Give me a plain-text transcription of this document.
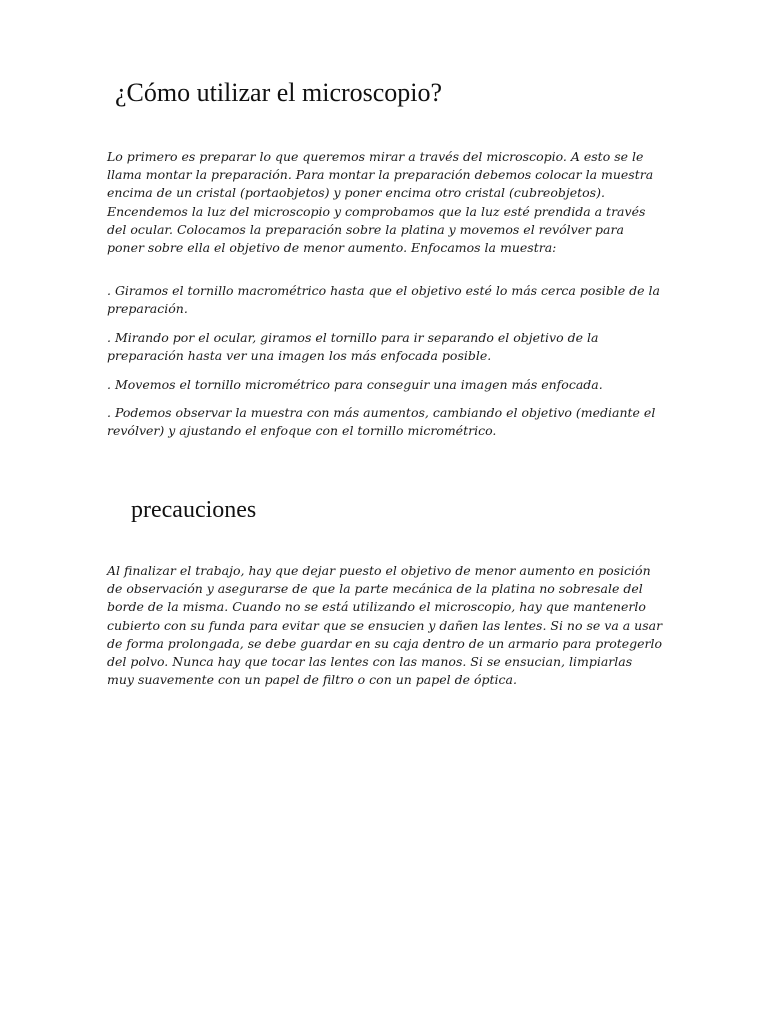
¿Cómo utilizar el microscopio?

Lo primero es preparar lo que queremos mirar a través del microscopio. A esto se le llama montar la preparación. Para montar la preparación debemos colocar la muestra encima de un cristal (portaobjetos) y poner encima otro cristal (cubreobjetos). Encendemos la luz del microscopio y comprobamos que la luz esté prendida a través del ocular. Colocamos la preparación sobre la platina y movemos el revólver para poner sobre ella el objetivo de menor aumento. Enfocamos la muestra:

. Giramos el tornillo macrométrico hasta que el objetivo esté lo más cerca posible de la preparación.

. Mirando por el ocular, giramos el tornillo para ir separando el objetivo de la preparación hasta ver una imagen los más enfocada posible.

. Movemos el tornillo micrométrico para conseguir una imagen más enfocada.

. Podemos observar la muestra con más aumentos, cambiando el objetivo (mediante el revólver) y ajustando el enfoque con el tornillo micrométrico.

precauciones

Al finalizar el trabajo, hay que dejar puesto el objetivo de menor aumento en posición de observación y asegurarse de que la parte mecánica de la platina no sobresale del borde de la misma. Cuando no se está utilizando el microscopio, hay que mantenerlo cubierto con su funda para evitar que se ensucien y dañen las lentes. Si no se va a usar de forma prolongada, se debe guardar en su caja dentro de un armario para protegerlo del polvo. Nunca hay que tocar las lentes con las manos. Si se ensucian, limpiarlas muy suavemente con un papel de filtro o con un papel de óptica.
